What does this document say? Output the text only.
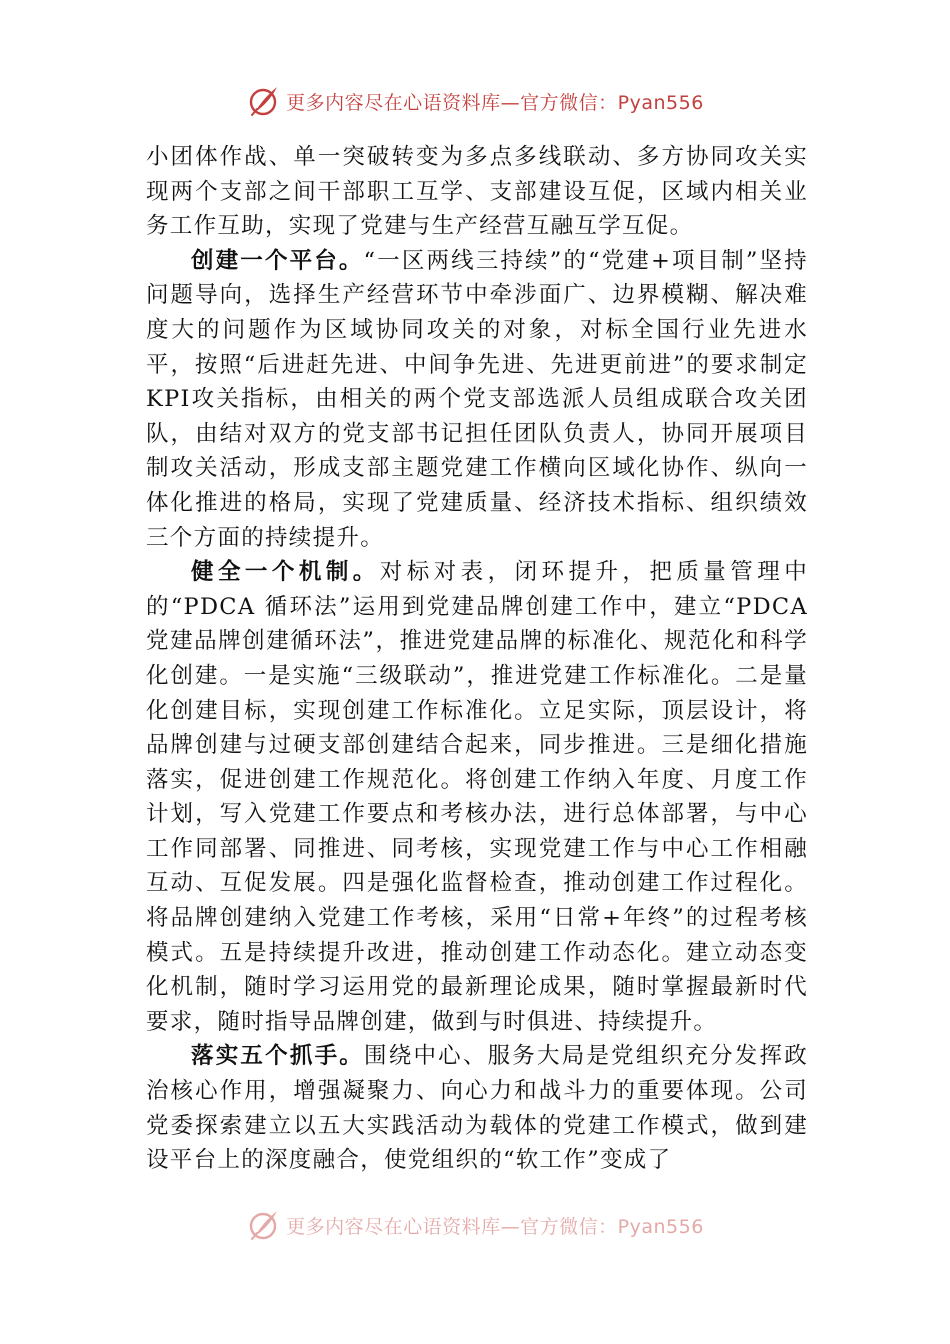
更多内容尽在心语资料库—官方微信：Pyan556

小团体作战、单一突破转变为多点多线联动、多方协同攻关实现两个支部之间干部职工互学、支部建设互促，区域内相关业务工作互助，实现了党建与生产经营互融互学互促。

创建一个平台。“一区两线三持续”的“党建+项目制”坚持问题导向，选择生产经营环节中牵涉面广、边界模糊、解决难度大的问题作为区域协同攻关的对象，对标全国行业先进水平，按照“后进赶先进、中间争先进、先进更前进”的要求制定KPI攻关指标，由相关的两个党支部选派人员组成联合攻关团队，由结对双方的党支部书记担任团队负责人，协同开展项目制攻关活动，形成支部主题党建工作横向区域化协作、纵向一体化推进的格局，实现了党建质量、经济技术指标、组织绩效三个方面的持续提升。

健全一个机制。对标对表，闭环提升，把质量管理中的“PDCA 循环法”运用到党建品牌创建工作中，建立“PDCA党建品牌创建循环法”，推进党建品牌的标准化、规范化和科学化创建。一是实施“三级联动”，推进党建工作标准化。二是量化创建目标，实现创建工作标准化。立足实际，顶层设计，将品牌创建与过硬支部创建结合起来，同步推进。三是细化措施落实，促进创建工作规范化。将创建工作纳入年度、月度工作计划，写入党建工作要点和考核办法，进行总体部署，与中心工作同部署、同推进、同考核，实现党建工作与中心工作相融互动、互促发展。四是强化监督检查，推动创建工作过程化。将品牌创建纳入党建工作考核，采用“日常+年终”的过程考核模式。五是持续提升改进，推动创建工作动态化。建立动态变化机制，随时学习运用党的最新理论成果，随时掌握最新时代要求，随时指导品牌创建，做到与时俱进、持续提升。

落实五个抓手。围绕中心、服务大局是党组织充分发挥政治核心作用，增强凝聚力、向心力和战斗力的重要体现。公司党委探索建立以五大实践活动为载体的党建工作模式，做到建设平台上的深度融合，使党组织的“软工作”变成了

更多内容尽在心语资料库—官方微信：Pyan556
